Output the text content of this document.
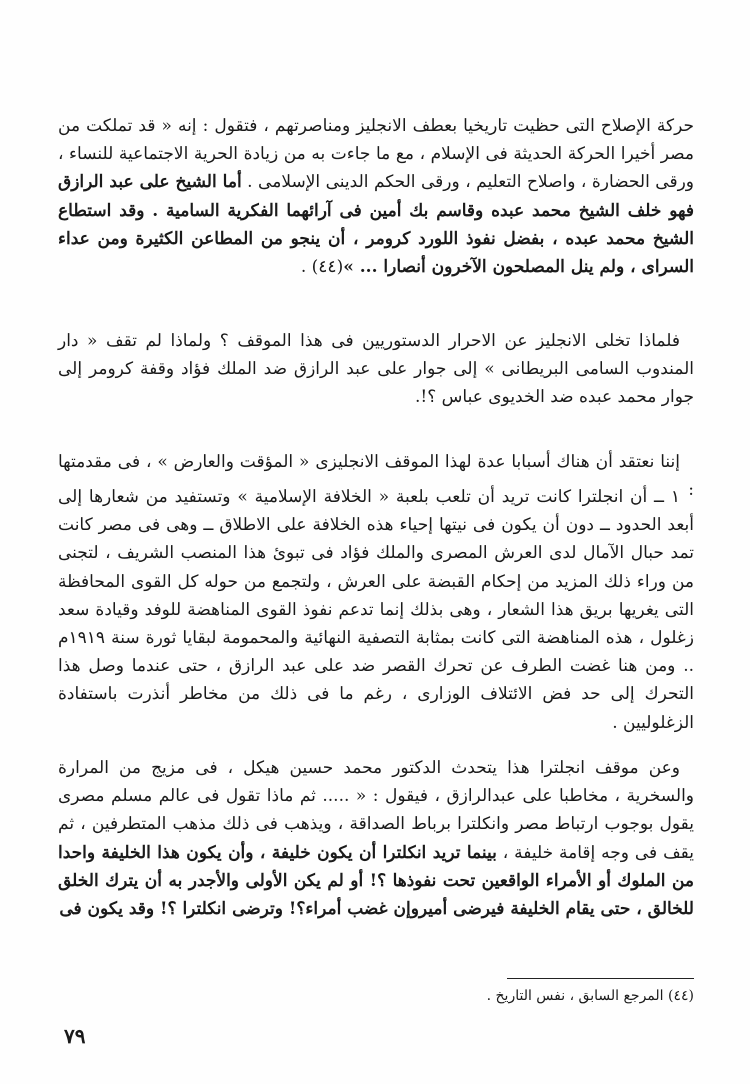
حركة الإصلاح التى حظيت تاريخيا بعطف الانجليز ومناصرتهم ، فتقول : إنه « قد تملكت من مصر أخيرا الحركة الحديثة فى الإسلام ، مع ما جاءت به من زيادة الحرية الاجتماعية للنساء ، ورقى الحضارة ، واصلاح التعليم ، ورقى الحكم الدينى الإسلامى . أما الشيخ على عبد الرازق فهو خلف الشيخ محمد عبده وقاسم بك أمين فى آرائهما الفكرية السامية . وقد استطاع الشيخ محمد عبده ، بفضل نفوذ اللورد كرومر ، أن ينجو من المطاعن الكثيرة ومن عداء السراى ، ولم ينل المصلحون الآخرون أنصارا ... »(٤٤) .

فلماذا تخلى الانجليز عن الاحرار الدستوريين فى هذا الموقف ؟ ولماذا لم تقف « دار المندوب السامى البريطانى » إلى جوار على عبد الرازق ضد الملك فؤاد وقفة كرومر إلى جوار محمد عبده ضد الخديوى عباس ؟!.

إننا نعتقد أن هناك أسبابا عدة لهذا الموقف الانجليزى « المؤقت والعارض » ، فى مقدمتها :

١ ــ أن انجلترا كانت تريد أن تلعب بلعبة « الخلافة الإسلامية » وتستفيد من شعارها إلى أبعد الحدود ــ دون أن يكون فى نيتها إحياء هذه الخلافة على الاطلاق ــ وهى فى مصر كانت تمد حبال الآمال لدى العرش المصرى والملك فؤاد فى تبوئ هذا المنصب الشريف ، لتجنى من وراء ذلك المزيد من إحكام القبضة على العرش ، ولتجمع من حوله كل القوى المحافظة التى يغريها بريق هذا الشعار ، وهى بذلك إنما تدعم نفوذ القوى المناهضة للوفد وقيادة سعد زغلول ، هذه المناهضة التى كانت بمثابة التصفية النهائية والمحمومة لبقايا ثورة سنة ١٩١٩م .. ومن هنا غضت الطرف عن تحرك القصر ضد على عبد الرازق ، حتى عندما وصل هذا التحرك إلى حد فض الائتلاف الوزارى ، رغم ما فى ذلك من مخاطر أنذرت باستفادة الزغلوليين .

وعن موقف انجلترا هذا يتحدث الدكتور محمد حسين هيكل ، فى مزيج من المرارة والسخرية ، مخاطبا على عبدالرازق ، فيقول : « ..... ثم ماذا تقول فى عالم مسلم مصرى يقول بوجوب ارتباط مصر وانكلترا برباط الصداقة ، ويذهب فى ذلك مذهب المتطرفين ، ثم يقف فى وجه إقامة خليفة ، بينما تريد انكلترا أن يكون خليفة ، وأن يكون هذا الخليفة واحدا من الملوك أو الأمراء الواقعين تحت نفوذها ؟! أو لم يكن الأولى والأجدر به أن يترك الخلق للخالق ، حتى يقام الخليفة فيرضى أميرو‌إن غضب أمراء؟! وترضى انكلترا ؟! وقد يكون فى

(٤٤) المرجع السابق ، نفس التاريخ .
٧٩
